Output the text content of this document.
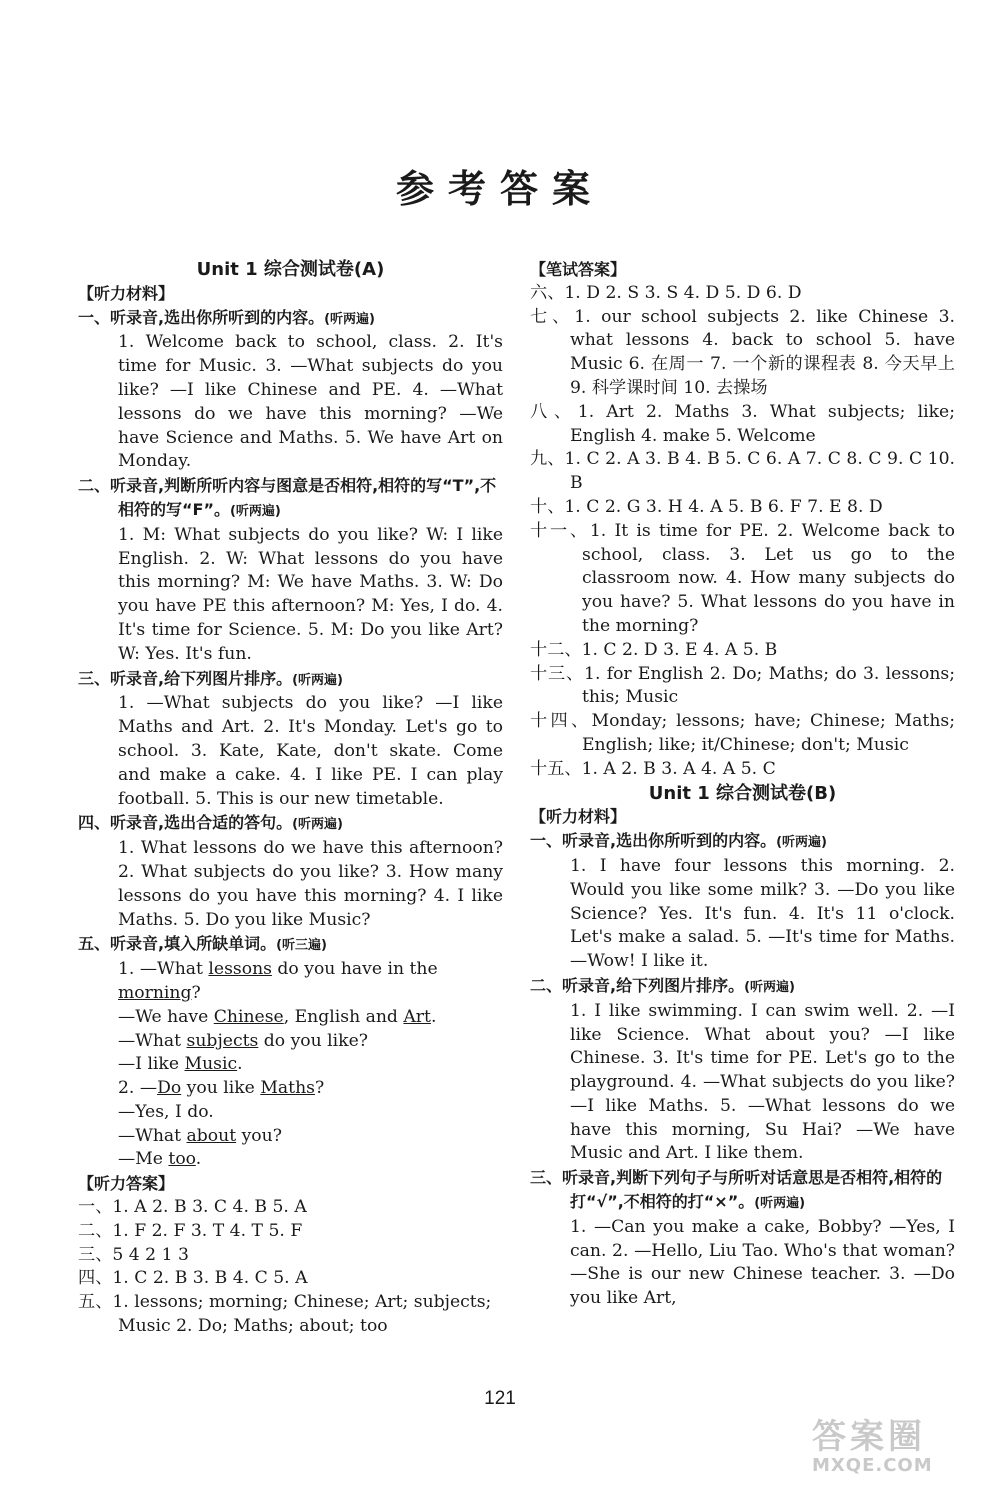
参考答案
Unit 1 综合测试卷(A)
【听力材料】
一、听录音,选出你所听到的内容。(听两遍)
1. Welcome back to school, class. 2. It's time for Music. 3. —What subjects do you like? —I like Chinese and PE. 4. —What lessons do we have this morning? —We have Science and Maths. 5. We have Art on Monday.
二、听录音,判断所听内容与图意是否相符,相符的写“T”,不相符的写“F”。(听两遍)
1. M: What subjects do you like? W: I like English. 2. W: What lessons do you have this morning? M: We have Maths. 3. W: Do you have PE this afternoon? M: Yes, I do. 4. It's time for Science. 5. M: Do you like Art? W: Yes. It's fun.
三、听录音,给下列图片排序。(听两遍)
1. —What subjects do you like? —I like Maths and Art. 2. It's Monday. Let's go to school. 3. Kate, Kate, don't skate. Come and make a cake. 4. I like PE. I can play football. 5. This is our new timetable.
四、听录音,选出合适的答句。(听两遍)
1. What lessons do we have this afternoon? 2. What subjects do you like? 3. How many lessons do you have this morning? 4. I like Maths. 5. Do you like Music?
五、听录音,填入所缺单词。(听三遍)
1. —What lessons do you have in the morning?
—We have Chinese, English and Art.
—What subjects do you like?
—I like Music.
2. —Do you like Maths?
—Yes, I do.
—What about you?
—Me too.
【听力答案】
一、1. A 2. B 3. C 4. B 5. A
二、1. F 2. F 3. T 4. T 5. F
三、5 4 2 1 3
四、1. C 2. B 3. B 4. C 5. A
五、1. lessons; morning; Chinese; Art; subjects; Music 2. Do; Maths; about; too
【笔试答案】
六、1. D 2. S 3. S 4. D 5. D 6. D
七、1. our school subjects 2. like Chinese 3. what lessons 4. back to school 5. have Music 6. 在周一 7. 一个新的课程表 8. 今天早上 9. 科学课时间 10. 去操场
八、1. Art 2. Maths 3. What subjects; like; English 4. make 5. Welcome
九、1. C 2. A 3. B 4. B 5. C 6. A 7. C 8. C 9. C 10. B
十、1. C 2. G 3. H 4. A 5. B 6. F 7. E 8. D
十一、1. It is time for PE. 2. Welcome back to school, class. 3. Let us go to the classroom now. 4. How many subjects do you have? 5. What lessons do you have in the morning?
十二、1. C 2. D 3. E 4. A 5. B
十三、1. for English 2. Do; Maths; do 3. lessons; this; Music
十四、Monday; lessons; have; Chinese; Maths; English; like; it/Chinese; don't; Music
十五、1. A 2. B 3. A 4. A 5. C
Unit 1 综合测试卷(B)
【听力材料】
一、听录音,选出你所听到的内容。(听两遍)
1. I have four lessons this morning. 2. Would you like some milk? 3. —Do you like Science? Yes. It's fun. 4. It's 11 o'clock. Let's make a salad. 5. —It's time for Maths. —Wow! I like it.
二、听录音,给下列图片排序。(听两遍)
1. I like swimming. I can swim well. 2. —I like Science. What about you? —I like Chinese. 3. It's time for PE. Let's go to the playground. 4. —What subjects do you like? —I like Maths. 5. —What lessons do we have this morning, Su Hai? —We have Music and Art. I like them.
三、听录音,判断下列句子与所听对话意思是否相符,相符的打“√”,不相符的打“×”。(听两遍)
1. —Can you make a cake, Bobby? —Yes, I can. 2. —Hello, Liu Tao. Who's that woman? —She is our new Chinese teacher. 3. —Do you like Art,
121
答案圈
MXQE.COM
